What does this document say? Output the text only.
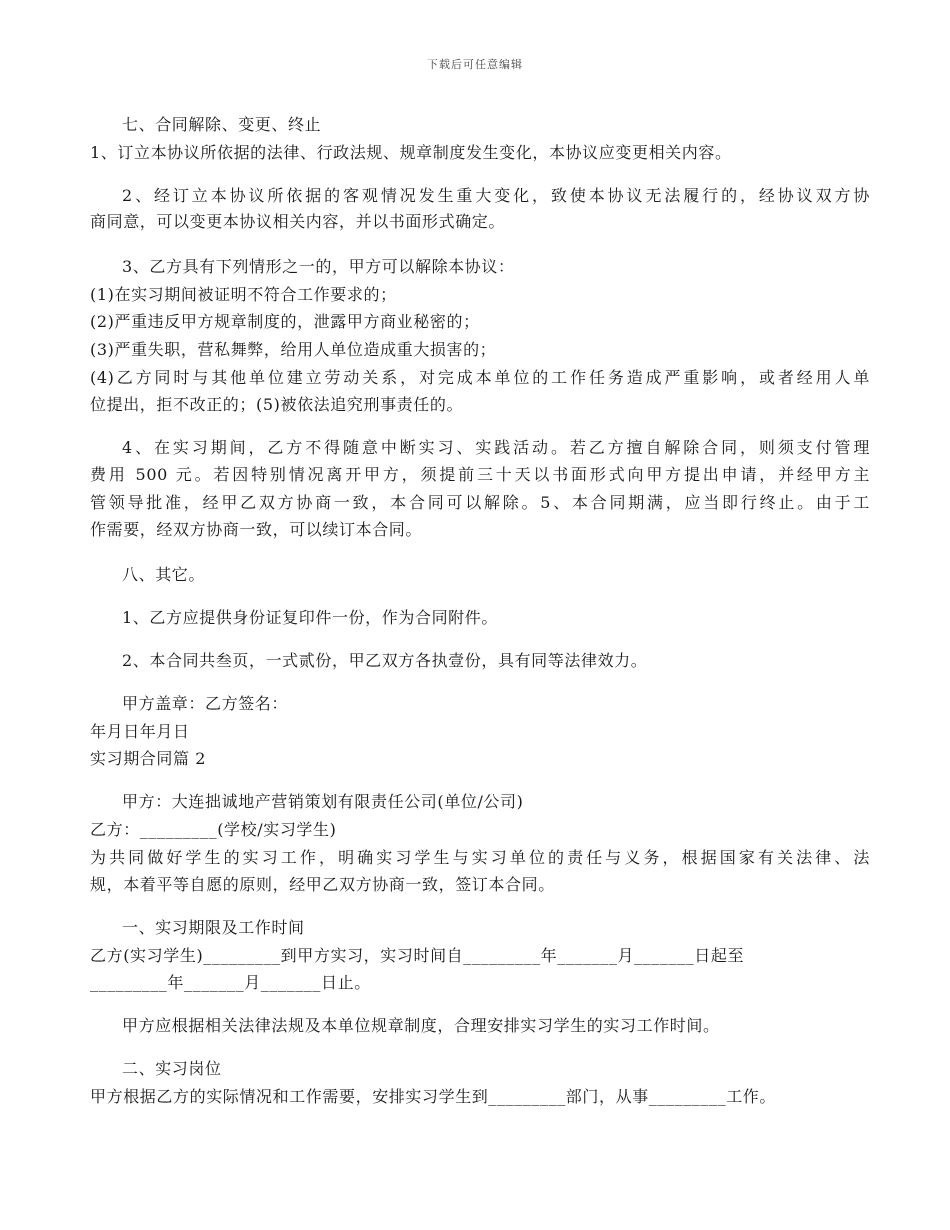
下载后可任意编辑
七、合同解除、变更、终止
1、订立本协议所依据的法律、行政法规、规章制度发生变化，本协议应变更相关内容。
2、经订立本协议所依据的客观情况发生重大变化，致使本协议无法履行的，经协议双方协
商同意，可以变更本协议相关内容，并以书面形式确定。
3、乙方具有下列情形之一的，甲方可以解除本协议：
(1)在实习期间被证明不符合工作要求的；
(2)严重违反甲方规章制度的，泄露甲方商业秘密的；
(3)严重失职，营私舞弊，给用人单位造成重大损害的；
(4)乙方同时与其他单位建立劳动关系，对完成本单位的工作任务造成严重影响，或者经用人单
位提出，拒不改正的；(5)被依法追究刑事责任的。
4、在实习期间，乙方不得随意中断实习、实践活动。若乙方擅自解除合同，则须支付管理
费用 500 元。若因特别情况离开甲方，须提前三十天以书面形式向甲方提出申请，并经甲方主
管领导批准，经甲乙双方协商一致，本合同可以解除。5、本合同期满，应当即行终止。由于工
作需要，经双方协商一致，可以续订本合同。
八、其它。
1、乙方应提供身份证复印件一份，作为合同附件。
2、本合同共叁页，一式贰份，甲乙双方各执壹份，具有同等法律效力。
甲方盖章：乙方签名：
年月日年月日
实习期合同篇 2
甲方：大连拙诚地产营销策划有限责任公司(单位/公司)
乙方：_________(学校/实习学生)
为共同做好学生的实习工作，明确实习学生与实习单位的责任与义务，根据国家有关法律、法
规，本着平等自愿的原则，经甲乙双方协商一致，签订本合同。
一、实习期限及工作时间
乙方(实习学生)_________到甲方实习，实习时间自_________年_______月_______日起至
_________年_______月_______日止。
甲方应根据相关法律法规及本单位规章制度，合理安排实习学生的实习工作时间。
二、实习岗位
甲方根据乙方的实际情况和工作需要，安排实习学生到_________部门，从事_________工作。
